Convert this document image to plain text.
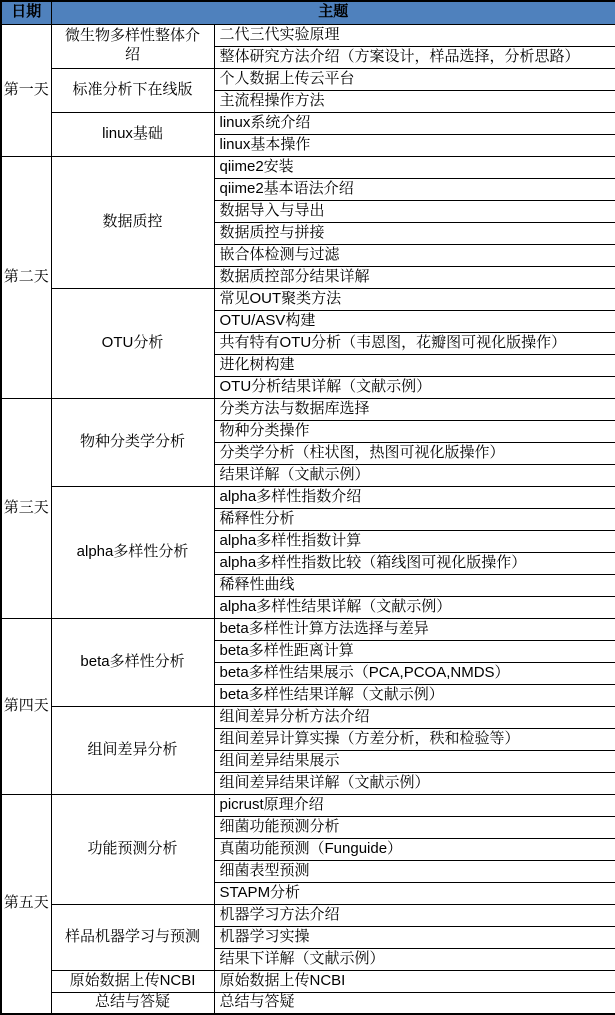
日期	主题	
第一天	微生物多样性整体介绍	二代三代实验原理
		整体研究方法介绍（方案设计，样品选择，分析思路）
	标准分析下在线版	个人数据上传云平台
		主流程操作方法
	linux基础	linux系统介绍
		linux基本操作
第二天	数据质控	qiime2安装
		qiime2基本语法介绍
		数据导入与导出
		数据质控与拼接
		嵌合体检测与过滤
		数据质控部分结果详解
	OTU分析	常见OUT聚类方法
		OTU/ASV构建
		共有特有OTU分析（韦恩图，花瓣图可视化版操作）
		进化树构建
		OTU分析结果详解（文献示例）
第三天	物种分类学分析	分类方法与数据库选择
		物种分类操作
		分类学分析（柱状图，热图可视化版操作）
		结果详解（文献示例）
	alpha多样性分析	alpha多样性指数介绍
		稀释性分析
		alpha多样性指数计算
		alpha多样性指数比较（箱线图可视化版操作）
		稀释性曲线
		alpha多样性结果详解（文献示例）
第四天	beta多样性分析	beta多样性计算方法选择与差异
		beta多样性距离计算
		beta多样性结果展示（PCA,PCOA,NMDS）
		beta多样性结果详解（文献示例）
	组间差异分析	组间差异分析方法介绍
		组间差异计算实操（方差分析，秩和检验等）
		组间差异结果展示
		组间差异结果详解（文献示例）
第五天	功能预测分析	picrust原理介绍
		细菌功能预测分析
		真菌功能预测（Funguide）
		细菌表型预测
		STAPM分析
	样品机器学习与预测	机器学习方法介绍
		机器学习实操
		结果下详解（文献示例）
	原始数据上传NCBI	原始数据上传NCBI
	总结与答疑	总结与答疑
